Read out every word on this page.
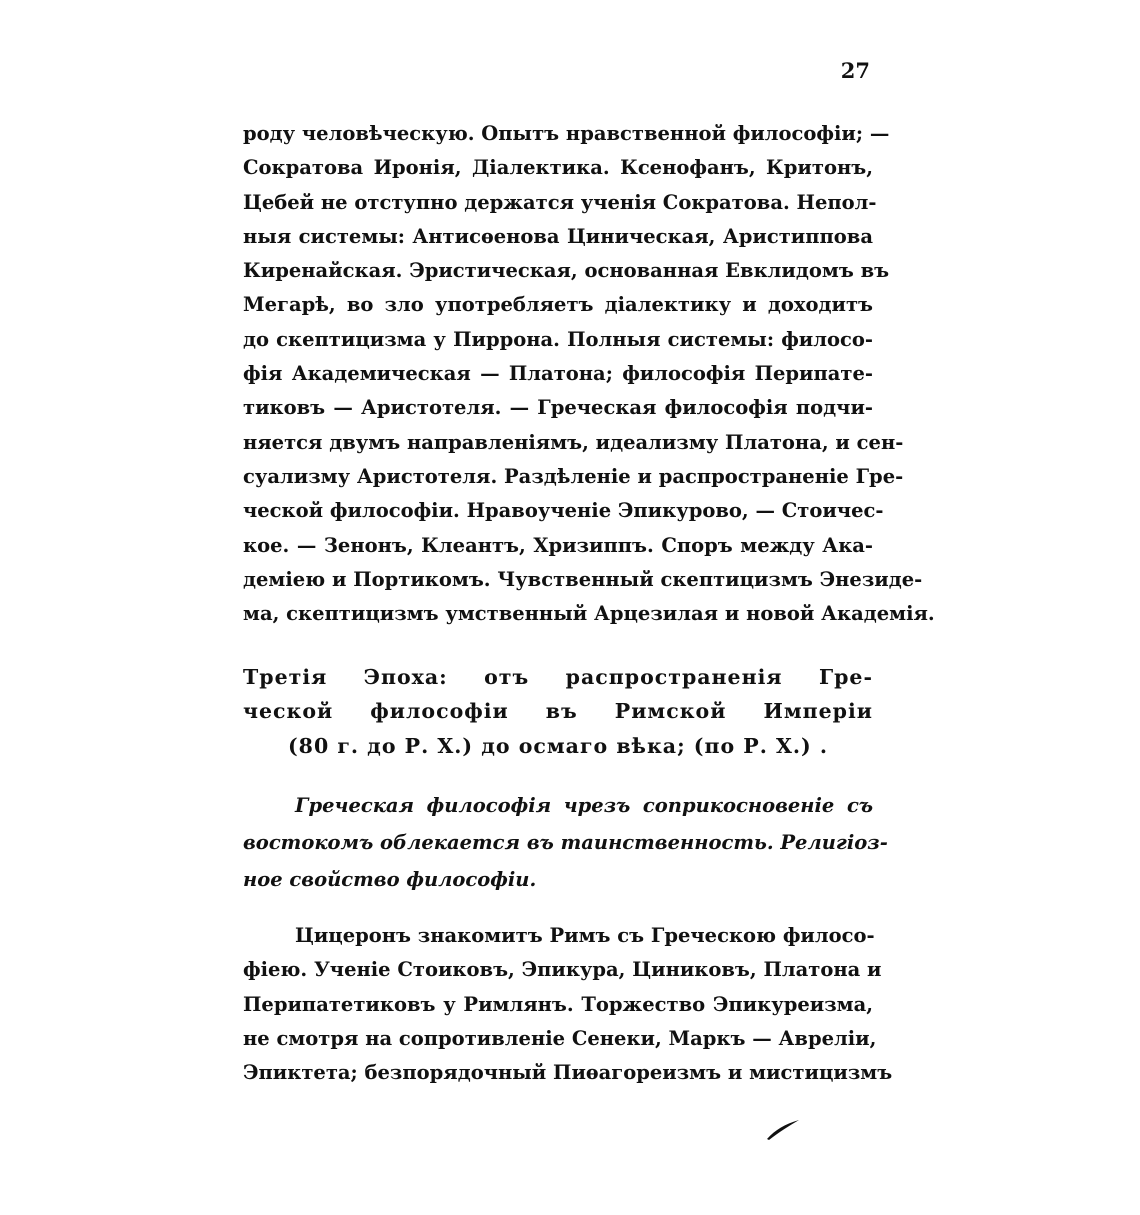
27
роду человѣческую. Опытъ нравственной философіи; —
Сократова Иронія, Діалектика. Ксенофанъ, Критонъ,
Цебей не отступно держатся ученія Сократова. Непол-
ныя системы: Антисѳенова Циническая, Аристиппова
Киренайская. Эристическая, основанная Евклидомъ въ
Мегарѣ, во зло употребляетъ діалектику и доходитъ
до скептицизма у Пиррона. Полныя системы: филосо-
фія Академическая — Платона; философія Перипате-
тиковъ — Аристотеля. — Греческая философія подчи-
няется двумъ направленіямъ, идеализму Платона, и сен-
суализму Аристотеля. Раздѣленіе и распространеніе Гре-
ческой философіи. Нравоученіе Эпикурово, — Стоичес-
кое. — Зенонъ, Клеантъ, Хризиппъ. Споръ между Ака-
деміею и Портикомъ. Чувственный скептицизмъ Энезиде-
ма, скептицизмъ умственный Арцезилая и новой Академія.
Третія Эпоха: отъ распространенія Гре-
ческой философіи въ Римской Имперіи
(80 г. до Р. Х.) до осмаго вѣка; (по Р. Х.) .
Греческая философія чрезъ соприкосновеніе съ
востокомъ облекается въ таинственность. Религіоз-
ное свойство философіи.
Цицеронъ знакомитъ Римъ съ Греческою филосо-
фіею. Ученіе Стоиковъ, Эпикура, Циниковъ, Платона и
Перипатетиковъ у Римлянъ. Торжество Эпикуреизма,
не смотря на сопротивленіе Сенеки, Маркъ — Авреліи,
Эпиктета; безпорядочный Пиѳагореизмъ и мистицизмъ
